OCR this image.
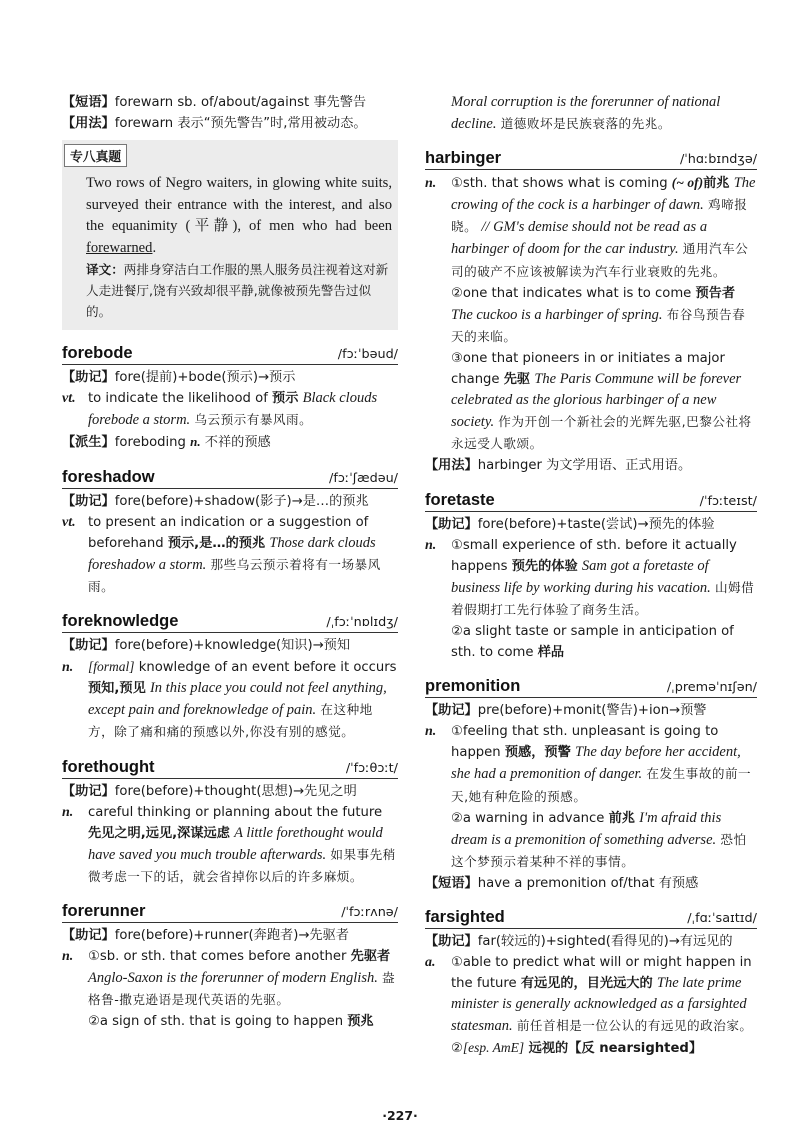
【短语】forewarn sb. of/about/against 事先警告

【用法】forewarn 表示“预先警告”时,常用被动态。

专八真题

Two rows of Negro waiters, in glowing white suits, surveyed their entrance with the interest, and also the equanimity (平静), of men who had been forewarned.

译文：两排身穿洁白工作服的黑人服务员注视着这对新人走进餐厅,饶有兴致却很平静,就像被预先警告过似的。

forebode	/fɔːˈbəud/

【助记】fore(提前)+bode(预示)→预示

vt. to indicate the likelihood of 预示 Black clouds forebode a storm. 乌云预示有暴风雨。

【派生】foreboding n. 不祥的预感

foreshadow	/fɔːˈʃædəu/

【助记】fore(before)+shadow(影子)→是…的预兆

vt. to present an indication or a suggestion of beforehand 预示,是…的预兆 Those dark clouds foreshadow a storm. 那些乌云预示着将有一场暴风雨。

foreknowledge	/ˌfɔːˈnɒlɪdʒ/

【助记】fore(before)+knowledge(知识)→预知

n. [formal] knowledge of an event before it occurs 预知,预见 In this place you could not feel anything, except pain and foreknowledge of pain. 在这种地方，除了痛和痛的预感以外,你没有别的感觉。

forethought	/ˈfɔːθɔːt/

【助记】fore(before)+thought(思想)→先见之明

n. careful thinking or planning about the future 先见之明,远见,深谋远虑 A little forethought would have saved you much trouble afterwards. 如果事先稍微考虑一下的话，就会省掉你以后的许多麻烦。

forerunner	/ˈfɔːrʌnə/

【助记】fore(before)+runner(奔跑者)→先驱者

n. ①sb. or sth. that comes before another 先驱者 Anglo-Saxon is the forerunner of modern English. 盎格鲁-撒克逊语是现代英语的先驱。

②a sign of sth. that is going to happen 预兆

Moral corruption is the forerunner of national decline. 道德败坏是民族衰落的先兆。

harbinger	/ˈhɑːbɪndʒə/

n. ①sth. that shows what is coming (~ of)前兆 The crowing of the cock is a harbinger of dawn. 鸡啼报晓。 // GM's demise should not be read as a harbinger of doom for the car industry. 通用汽车公司的破产不应该被解读为汽车行业衰败的先兆。

②one that indicates what is to come 预告者 The cuckoo is a harbinger of spring. 布谷鸟预告春天的来临。

③one that pioneers in or initiates a major change 先驱 The Paris Commune will be forever celebrated as the glorious harbinger of a new society. 作为开创一个新社会的光辉先驱,巴黎公社将永远受人歌颂。

【用法】harbinger 为文学用语、正式用语。

foretaste	/ˈfɔːteɪst/

【助记】fore(before)+taste(尝试)→预先的体验

n. ①small experience of sth. before it actually happens 预先的体验 Sam got a foretaste of business life by working during his vacation. 山姆借着假期打工先行体验了商务生活。

②a slight taste or sample in anticipation of sth. to come 样品

premonition	/ˌpreməˈnɪʃən/

【助记】pre(before)+monit(警告)+ion→预警

n. ①feeling that sth. unpleasant is going to happen 预感，预警 The day before her accident, she had a premonition of danger. 在发生事故的前一天,她有种危险的预感。

②a warning in advance 前兆 I'm afraid this dream is a premonition of something adverse. 恐怕这个梦预示着某种不祥的事情。

【短语】have a premonition of/that 有预感

farsighted	/ˌfɑːˈsaɪtɪd/

【助记】far(较远的)+sighted(看得见的)→有远见的

a. ①able to predict what will or might happen in the future 有远见的，目光远大的 The late prime minister is generally acknowledged as a farsighted statesman. 前任首相是一位公认的有远见的政治家。

②[esp. AmE] 远视的【反 nearsighted】

·227·
